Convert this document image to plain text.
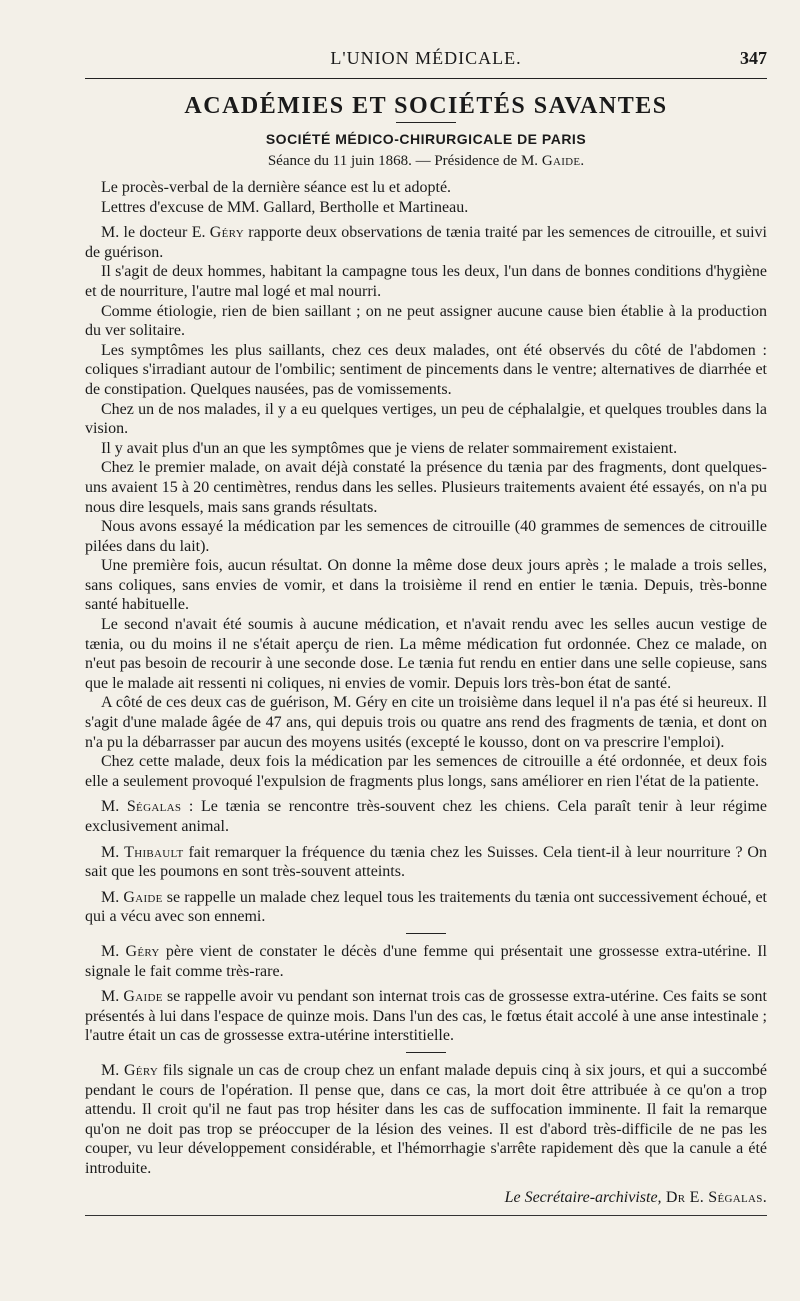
L'UNION MÉDICALE.	347
ACADÉMIES ET SOCIÉTÉS SAVANTES
SOCIÉTÉ MÉDICO-CHIRURGICALE DE PARIS
Séance du 11 juin 1868. — Présidence de M. Gaide.

Le procès-verbal de la dernière séance est lu et adopté.

Lettres d'excuse de MM. Gallard, Bertholle et Martineau.

M. le docteur E. Géry rapporte deux observations de tænia traité par les semences de citrouille, et suivi de guérison.

Il s'agit de deux hommes, habitant la campagne tous les deux, l'un dans de bonnes conditions d'hygiène et de nourriture, l'autre mal logé et mal nourri.

Comme étiologie, rien de bien saillant ; on ne peut assigner aucune cause bien établie à la production du ver solitaire.

Les symptômes les plus saillants, chez ces deux malades, ont été observés du côté de l'abdomen : coliques s'irradiant autour de l'ombilic; sentiment de pincements dans le ventre; alternatives de diarrhée et de constipation. Quelques nausées, pas de vomissements.

Chez un de nos malades, il y a eu quelques vertiges, un peu de céphalalgie, et quelques troubles dans la vision.

Il y avait plus d'un an que les symptômes que je viens de relater sommairement existaient.

Chez le premier malade, on avait déjà constaté la présence du tænia par des fragments, dont quelques-uns avaient 15 à 20 centimètres, rendus dans les selles. Plusieurs traitements avaient été essayés, on n'a pu nous dire lesquels, mais sans grands résultats.

Nous avons essayé la médication par les semences de citrouille (40 grammes de semences de citrouille pilées dans du lait).

Une première fois, aucun résultat. On donne la même dose deux jours après ; le malade a trois selles, sans coliques, sans envies de vomir, et dans la troisième il rend en entier le tænia. Depuis, très-bonne santé habituelle.

Le second n'avait été soumis à aucune médication, et n'avait rendu avec les selles aucun vestige de tænia, ou du moins il ne s'était aperçu de rien. La même médication fut ordonnée. Chez ce malade, on n'eut pas besoin de recourir à une seconde dose. Le tænia fut rendu en entier dans une selle copieuse, sans que le malade ait ressenti ni coliques, ni envies de vomir. Depuis lors très-bon état de santé.

A côté de ces deux cas de guérison, M. Géry en cite un troisième dans lequel il n'a pas été si heureux. Il s'agit d'une malade âgée de 47 ans, qui depuis trois ou quatre ans rend des fragments de tænia, et dont on n'a pu la débarrasser par aucun des moyens usités (excepté le kousso, dont on va prescrire l'emploi).

Chez cette malade, deux fois la médication par les semences de citrouille a été ordonnée, et deux fois elle a seulement provoqué l'expulsion de fragments plus longs, sans améliorer en rien l'état de la patiente.

M. Ségalas : Le tænia se rencontre très-souvent chez les chiens. Cela paraît tenir à leur régime exclusivement animal.

M. Thibault fait remarquer la fréquence du tænia chez les Suisses. Cela tient-il à leur nourriture ? On sait que les poumons en sont très-souvent atteints.

M. Gaide se rappelle un malade chez lequel tous les traitements du tænia ont successivement échoué, et qui a vécu avec son ennemi.

M. Géry père vient de constater le décès d'une femme qui présentait une grossesse extra-utérine. Il signale le fait comme très-rare.

M. Gaide se rappelle avoir vu pendant son internat trois cas de grossesse extra-utérine. Ces faits se sont présentés à lui dans l'espace de quinze mois. Dans l'un des cas, le fœtus était accolé à une anse intestinale ; l'autre était un cas de grossesse extra-utérine interstitielle.

M. Géry fils signale un cas de croup chez un enfant malade depuis cinq à six jours, et qui a succombé pendant le cours de l'opération. Il pense que, dans ce cas, la mort doit être attribuée à ce qu'on a trop attendu. Il croit qu'il ne faut pas trop hésiter dans les cas de suffocation imminente. Il fait la remarque qu'on ne doit pas trop se préoccuper de la lésion des veines. Il est d'abord très-difficile de ne pas les couper, vu leur développement considérable, et l'hémorrhagie s'arrête rapidement dès que la canule a été introduite.

Le Secrétaire-archiviste, Dr E. Ségalas.
